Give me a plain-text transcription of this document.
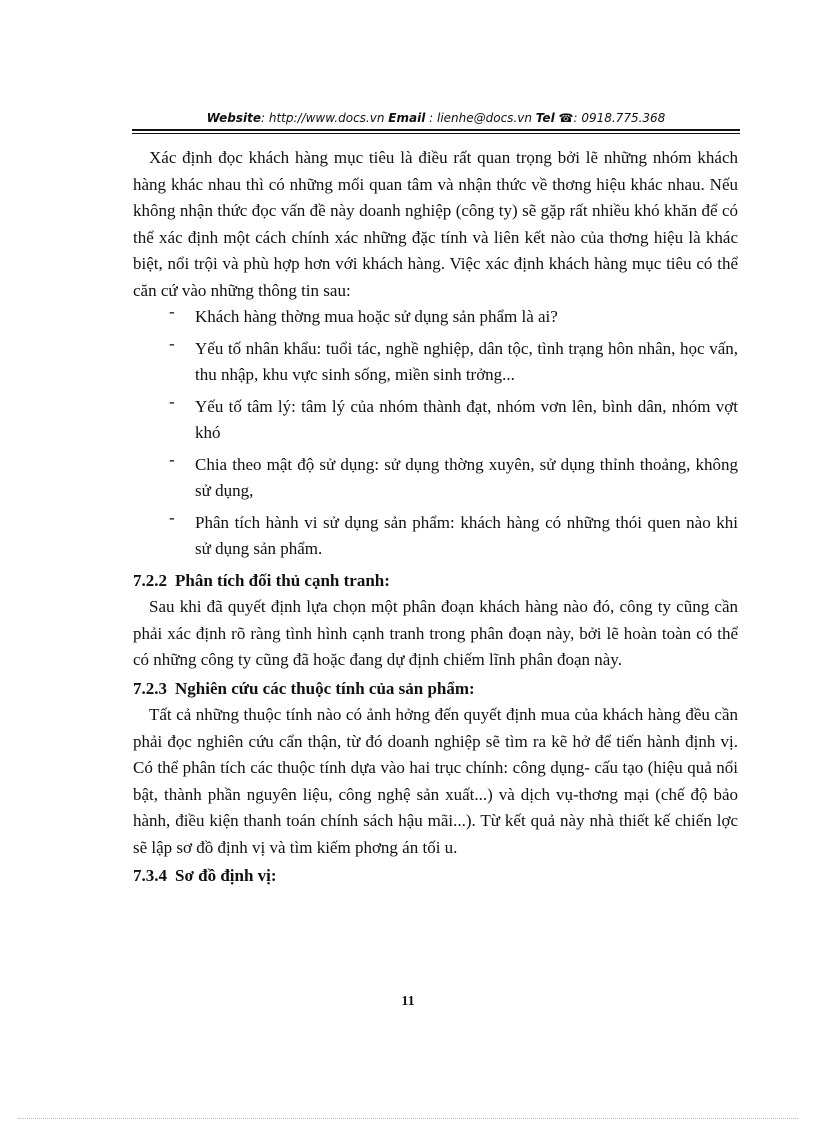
Website: http://www.docs.vn Email : lienhe@docs.vn Tel ☎: 0918.775.368

Xác định đọc khách hàng mục tiêu là điều rất quan trọng bởi lẽ những nhóm khách hàng khác nhau thì có những mối quan tâm và nhận thức về thơng hiệu khác nhau. Nếu không nhận thức đọc vấn đề này doanh nghiệp (công ty) sẽ gặp rất nhiều khó khăn để có thể xác định một cách chính xác những đặc tính và liên kết nào của thơng hiệu là khác biệt, nổi trội và phù hợp hơn với khách hàng. Việc xác định khách hàng mục tiêu có thể căn cứ vào những thông tin sau:

- Khách hàng thờng mua hoặc sử dụng sản phẩm là ai?
- Yếu tố nhân khẩu: tuổi tác, nghề nghiệp, dân tộc, tình trạng hôn nhân, học vấn, thu nhập, khu vực sinh sống, miền sinh trởng...
- Yếu tố tâm lý: tâm lý của nhóm thành đạt, nhóm vơn lên, bình dân, nhóm vợt khó
- Chia theo mật độ sử dụng: sử dụng thờng xuyên, sử dụng thỉnh thoảng, không sử dụng,
- Phân tích hành vi sử dụng sản phẩm: khách hàng có những thói quen nào khi sử dụng sản phẩm.
7.2.2 Phân tích đối thủ cạnh tranh:

Sau khi đã quyết định lựa chọn một phân đoạn khách hàng nào đó, công ty cũng cần phải xác định rõ ràng tình hình cạnh tranh trong phân đoạn này, bởi lẽ hoàn toàn có thể có những công ty cũng đã hoặc đang dự định chiếm lĩnh phân đoạn này.

7.2.3 Nghiên cứu các thuộc tính của sản phẩm:

Tất cả những thuộc tính nào có ảnh hởng đến quyết định mua của khách hàng đều cần phải đọc nghiên cứu cẩn thận, từ đó doanh nghiệp sẽ tìm ra kẽ hở để tiến hành định vị. Có thể phân tích các thuộc tính dựa vào hai trục chính: công dụng- cấu tạo (hiệu quả nổi bật, thành phần nguyên liệu, công nghệ sản xuất...) và dịch vụ-thơng mại (chế độ bảo hành, điều kiện thanh toán chính sách hậu mãi...). Từ kết quả này nhà thiết kế chiến lợc sẽ lập sơ đồ định vị và tìm kiếm phơng án tối u.

7.3.4 Sơ đồ định vị:
11
